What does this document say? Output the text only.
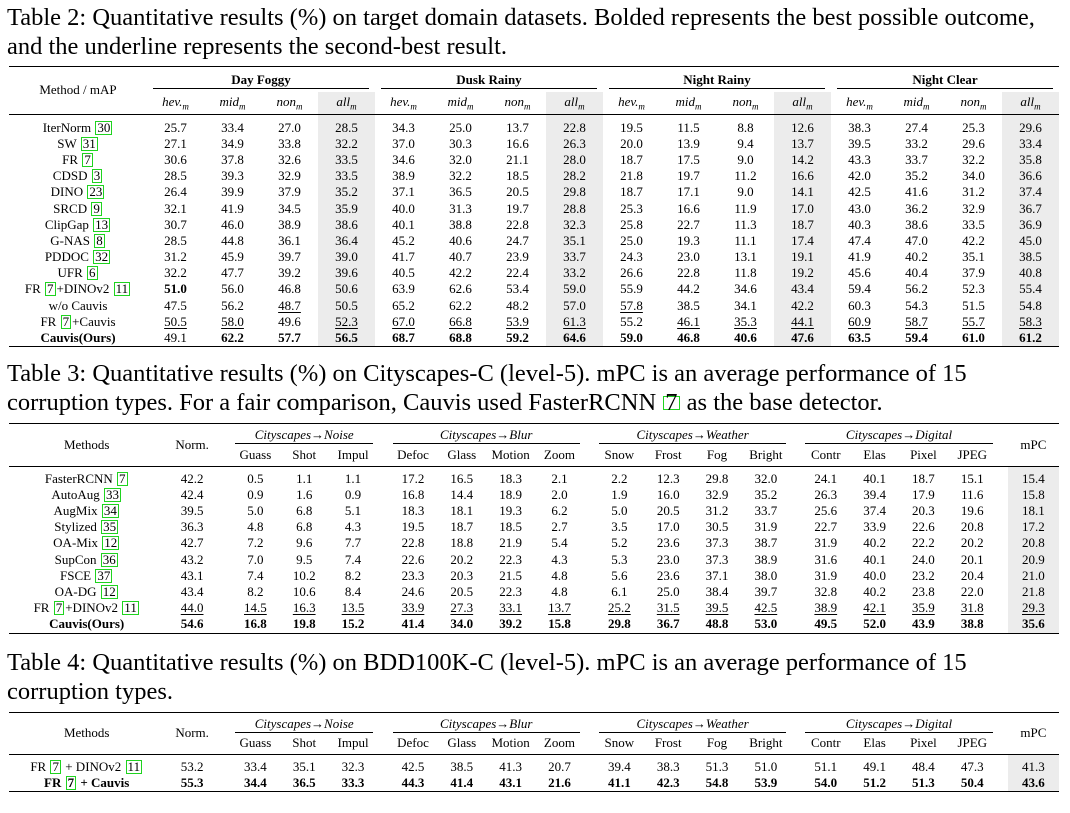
Table 2: Quantitative results (%) on target domain datasets. Bolded represents the best possible outcome, and the underline represents the second-best result.
Method / mAP	Day Foggy				Dusk Rainy				Night Rainy				Night Clear			

	$hev._m$	mid$_m$	non$_m$	all$_m$	$hev._m$	mid$_m$	non$_m$	all$_m$	$hev._m$	mid$_m$	non$_m$	all$_m$	$hev._m$	mid$_m$	non$_m$	all$_m$
IterNorm 30	25.7	33.4	27.0	28.5	34.3	25.0	13.7	22.8	19.5	11.5	8.8	12.6	38.3	27.4	25.3	29.6
SW 31	27.1	34.9	33.8	32.2	37.0	30.3	16.6	26.3	20.0	13.9	9.4	13.7	39.5	33.2	29.6	33.4
FR 7	30.6	37.8	32.6	33.5	34.6	32.0	21.1	28.0	18.7	17.5	9.0	14.2	43.3	33.7	32.2	35.8
CDSD 3	28.5	39.3	32.9	33.5	38.9	32.2	18.5	28.2	21.8	19.7	11.2	16.6	42.0	35.2	34.0	36.6
DINO 23	26.4	39.9	37.9	35.2	37.1	36.5	20.5	29.8	18.7	17.1	9.0	14.1	42.5	41.6	31.2	37.4
SRCD 9	32.1	41.9	34.5	35.9	40.0	31.3	19.7	28.8	25.3	16.6	11.9	17.0	43.0	36.2	32.9	36.7
ClipGap 13	30.7	46.0	38.9	38.6	40.1	38.8	22.8	32.3	25.8	22.7	11.3	18.7	40.3	38.6	33.5	36.9
G-NAS 8	28.5	44.8	36.1	36.4	45.2	40.6	24.7	35.1	25.0	19.3	11.1	17.4	47.4	47.0	42.2	45.0
PDDOC 32	31.2	45.9	39.7	39.0	41.7	40.7	23.9	33.7	24.3	23.0	13.1	19.1	41.9	40.2	35.1	38.5
UFR 6	32.2	47.7	39.2	39.6	40.5	42.2	22.4	33.2	26.6	22.8	11.8	19.2	45.6	40.4	37.9	40.8
FR 7 +DINOv2 11	51.0	56.0	46.8	50.6	63.9	62.6	53.4	59.0	55.9	44.2	34.6	43.4	59.4	56.2	52.3	55.4
w/o Cauvis	47.5	56.2	48.7	50.5	65.2	62.2	48.2	57.0	57.8	38.5	34.1	42.2	60.3	54.3	51.5	54.8
FR 7 +Cauvis	50.5	58.0	49.6	52.3	67.0	66.8	53.9	61.3	55.2	46.1	35.3	44.1	60.9	58.7	55.7	58.3
Cauvis(Ours)	49.1	62.2	57.7	56.5	68.7	68.8	59.2	64.6	59.0	46.8	40.6	47.6	63.5	59.4	61.0	61.2
Table 3: Quantitative results (%) on Cityscapes-C (level-5). mPC is an average performance of 15 corruption types. For a fair comparison, Cauvis used FasterRCNN 7 as the base detector.
Methods	Norm.		Cityscapes→Noise				Cityscapes→Blur					Cityscapes→Weather					Cityscapes→Digital					mPC
			Guass	Shot	Impul		Defoc	Glass	Motion	Zoom		Snow	Frost	Fog	Bright		Contr	Elas	Pixel	JPEG		
FasterRCNN 7	42.2		0.5	1.1	1.1		17.2	16.5	18.3	2.1		2.2	12.3	29.8	32.0		24.1	40.1	18.7	15.1		15.4
AutoAug 33	42.4		0.9	1.6	0.9		16.8	14.4	18.9	2.0		1.9	16.0	32.9	35.2		26.3	39.4	17.9	11.6		15.8
AugMix 34	39.5		5.0	6.8	5.1		18.3	18.1	19.3	6.2		5.0	20.5	31.2	33.7		25.6	37.4	20.3	19.6		18.1
Stylized 35	36.3		4.8	6.8	4.3		19.5	18.7	18.5	2.7		3.5	17.0	30.5	31.9		22.7	33.9	22.6	20.8		17.2
OA-Mix 12	42.7		7.2	9.6	7.7		22.8	18.8	21.9	5.4		5.2	23.6	37.3	38.7		31.9	40.2	22.2	20.2		20.8
SupCon 36	43.2		7.0	9.5	7.4		22.6	20.2	22.3	4.3		5.3	23.0	37.3	38.9		31.6	40.1	24.0	20.1		20.9
FSCE 37	43.1		7.4	10.2	8.2		23.3	20.3	21.5	4.8		5.6	23.6	37.1	38.0		31.9	40.0	23.2	20.4		21.0
OA-DG 12	43.4		8.2	10.6	8.4		24.6	20.5	22.3	4.8		6.1	25.0	38.4	39.7		32.8	40.2	23.8	22.0		21.8
FR 7 +DINOv2 11	44.0		14.5	16.3	13.5		33.9	27.3	33.1	13.7		25.2	31.5	39.5	42.5		38.9	42.1	35.9	31.8		29.3
Cauvis(Ours)	54.6		16.8	19.8	15.2		41.4	34.0	39.2	15.8		29.8	36.7	48.8	53.0		49.5	52.0	43.9	38.8		35.6
Table 4: Quantitative results (%) on BDD100K-C (level-5). mPC is an average performance of 15 corruption types.
Methods	Norm.		Cityscapes→Noise				Cityscapes→Blur					Cityscapes→Weather					Cityscapes→Digital					mPC
			Guass	Shot	Impul		Defoc	Glass	Motion	Zoom		Snow	Frost	Fog	Bright		Contr	Elas	Pixel	JPEG		
FR 7 + DINOv2 11	53.2		33.4	35.1	32.3		42.5	38.5	41.3	20.7		39.4	38.3	51.3	51.0		51.1	49.1	48.4	47.3		41.3
FR 7 + Cauvis	55.3		34.4	36.5	33.3		44.3	41.4	43.1	21.6		41.1	42.3	54.8	53.9		54.0	51.2	51.3	50.4		43.6
